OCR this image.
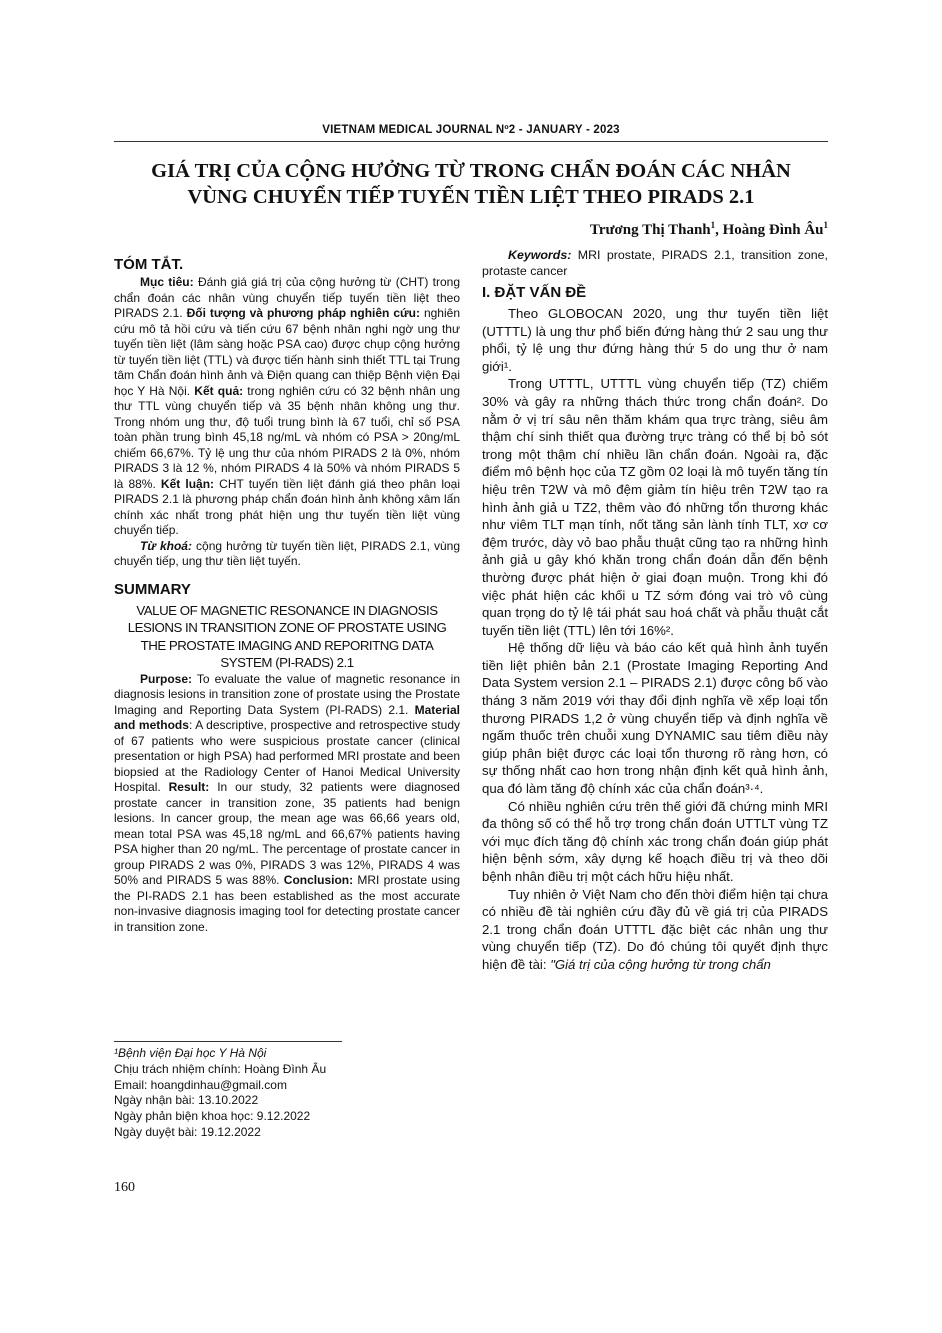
VIETNAM MEDICAL JOURNAL Nº2 - JANUARY - 2023
GIÁ TRỊ CỦA CỘNG HƯỞNG TỪ TRONG CHẨN ĐOÁN CÁC NHÂN
VÙNG CHUYỂN TIẾP TUYẾN TIỀN LIỆT THEO PIRADS 2.1
Trương Thị Thanh$^1$, Hoàng Đình $Âu^1$
TÓM TẮT.

Mục tiêu: Đánh giá giá trị của cộng hưởng từ (CHT) trong chẩn đoán các nhân vùng chuyển tiếp tuyến tiền liệt theo PIRADS 2.1. Đối tượng và phương pháp nghiên cứu: nghiên cứu mô tả hồi cứu và tiến cứu 67 bệnh nhân nghi ngờ ung thư tuyến tiền liệt (lâm sàng hoặc PSA cao) được chụp cộng hưởng từ tuyến tiền liệt (TTL) và được tiến hành sinh thiết TTL tại Trung tâm Chẩn đoán hình ảnh và Điện quang can thiệp Bệnh viện Đại học Y Hà Nội. Kết quả: trong nghiên cứu có 32 bệnh nhân ung thư TTL vùng chuyển tiếp và 35 bệnh nhân không ung thư. Trong nhóm ung thư, độ tuổi trung bình là 67 tuổi, chỉ số PSA toàn phần trung bình 45,18 ng/mL và nhóm có PSA > 20ng/mL chiếm 66,67%. Tỷ lệ ung thư của nhóm PIRADS 2 là 0%, nhóm PIRADS 3 là 12 %, nhóm PIRADS 4 là 50% và nhóm PIRADS 5 là 88%. Kết luận: CHT tuyến tiền liệt đánh giá theo phân loại PIRADS 2.1 là phương pháp chẩn đoán hình ảnh không xâm lấn chính xác nhất trong phát hiện ung thư tuyến tiền liệt vùng chuyển tiếp.

Từ khoá: cộng hưởng từ tuyến tiền liệt, PIRADS 2.1, vùng chuyển tiếp, ung thư tiền liệt tuyến.

SUMMARY
VALUE OF MAGNETIC RESONANCE IN DIAGNOSIS LESIONS IN TRANSITION ZONE OF PROSTATE USING THE PROSTATE IMAGING AND REPORITNG DATA SYSTEM (PI-RADS) 2.1

Purpose: To evaluate the value of magnetic resonance in diagnosis lesions in transition zone of prostate using the Prostate Imaging and Reporting Data System (PI-RADS) 2.1. Material and methods: A descriptive, prospective and retrospective study of 67 patients who were suspicious prostate cancer (clinical presentation or high PSA) had performed MRI prostate and been biopsied at the Radiology Center of Hanoi Medical University Hospital. Result: In our study, 32 patients were diagnosed prostate cancer in transition zone, 35 patients had benign lesions. In cancer group, the mean age was 66,66 years old, mean total PSA was 45,18 ng/mL and 66,67% patients having PSA higher than 20 ng/mL. The percentage of prostate cancer in group PIRADS 2 was 0%, PIRADS 3 was 12%, PIRADS 4 was 50% and PIRADS 5 was 88%. Conclusion: MRI prostate using the PI-RADS 2.1 has been established as the most accurate non-invasive diagnosis imaging tool for detecting prostate cancer in transition zone.

¹Bệnh viện Đại học Y Hà Nội
Chịu trách nhiệm chính: Hoàng Đình Âu
Email: hoangdinhau@gmail.com
Ngày nhận bài: 13.10.2022
Ngày phản biện khoa học: 9.12.2022
Ngày duyệt bài: 19.12.2022

Keywords: MRI prostate, PIRADS 2.1, transition zone, protaste cancer

I. ĐẶT VẤN ĐỀ

Theo GLOBOCAN 2020, ung thư tuyến tiền liệt (UTTTL) là ung thư phổ biến đứng hàng thứ 2 sau ung thư phổi, tỷ lệ ung thư đứng hàng thứ 5 do ung thư ở nam giới¹.

Trong UTTTL, UTTTL vùng chuyển tiếp (TZ) chiếm 30% và gây ra những thách thức trong chẩn đoán². Do nằm ở vị trí sâu nên thăm khám qua trực tràng, siêu âm thậm chí sinh thiết qua đường trực tràng có thể bị bỏ sót trong một thậm chí nhiều lần chẩn đoán. Ngoài ra, đặc điểm mô bệnh học của TZ gồm 02 loại là mô tuyến tăng tín hiệu trên T2W và mô đệm giảm tín hiệu trên T2W tạo ra hình ảnh giả u TZ2, thêm vào đó những tổn thương khác như viêm TLT mạn tính, nốt tăng sản lành tính TLT, xơ cơ đệm trước, dày vỏ bao phẫu thuật cũng tạo ra những hình ảnh giả u gây khó khăn trong chẩn đoán dẫn đến bệnh thường được phát hiện ở giai đoạn muộn. Trong khi đó việc phát hiện các khối u TZ sớm đóng vai trò vô cùng quan trọng do tỷ lệ tái phát sau hoá chất và phẫu thuật cắt tuyến tiền liệt (TTL) lên tới 16%².

Hệ thống dữ liệu và báo cáo kết quả hình ảnh tuyến tiền liệt phiên bản 2.1 (Prostate Imaging Reporting And Data System version 2.1 – PIRADS 2.1) được công bố vào tháng 3 năm 2019 với thay đổi định nghĩa về xếp loại tổn thương PIRADS 1,2 ở vùng chuyển tiếp và định nghĩa về ngấm thuốc trên chuỗi xung DYNAMIC sau tiêm điều này giúp phân biệt được các loại tổn thương rõ ràng hơn, có sự thống nhất cao hơn trong nhận định kết quả hình ảnh, qua đó làm tăng độ chính xác của chẩn đoán³·⁴.

Có nhiều nghiên cứu trên thế giới đã chứng minh MRI đa thông số có thể hỗ trợ trong chẩn đoán UTTLT vùng TZ với mục đích tăng độ chính xác trong chẩn đoán giúp phát hiện bệnh sớm, xây dựng kế hoạch điều trị và theo dõi bệnh nhân điều trị một cách hữu hiệu nhất.

Tuy nhiên ở Việt Nam cho đến thời điểm hiện tại chưa có nhiều đề tài nghiên cứu đầy đủ về giá trị của PIRADS 2.1 trong chẩn đoán UTTTL đặc biệt các nhân ung thư vùng chuyển tiếp (TZ). Do đó chúng tôi quyết định thực hiện đề tài: "Giá trị của cộng hưởng từ trong chẩn

160
